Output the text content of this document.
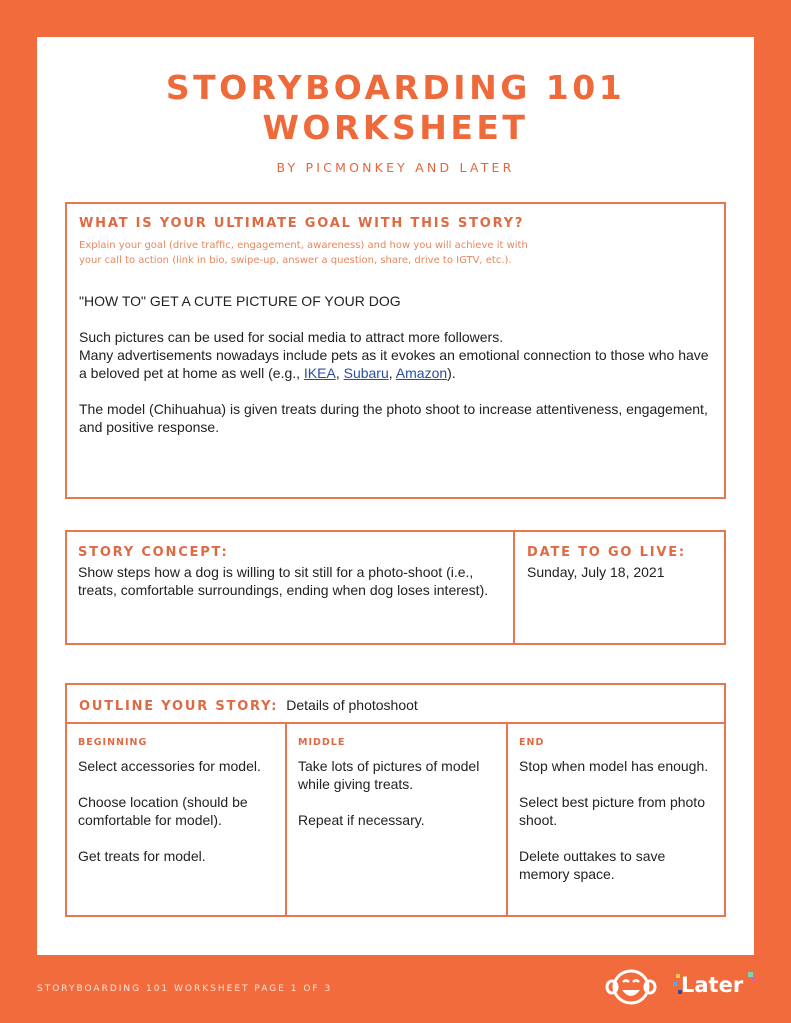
STORYBOARDING 101
WORKSHEET
BY PICMONKEY AND LATER
WHAT IS YOUR ULTIMATE GOAL WITH THIS STORY?
Explain your goal (drive traffic, engagement, awareness) and how you will achieve it with
your call to action (link in bio, swipe-up, answer a question, share, drive to IGTV, etc.).

"HOW TO" GET A CUTE PICTURE OF YOUR DOG

Such pictures can be used for social media to attract more followers.
Many advertisements nowadays include pets as it evokes an emotional connection to those who have a beloved pet at home as well (e.g., IKEA, Subaru, Amazon).

The model (Chihuahua) is given treats during the photo shoot to increase attentiveness, engagement, and positive response.

STORY CONCEPT:
Show steps how a dog is willing to sit still for a photo-shoot (i.e., treats, comfortable surroundings, ending when dog loses interest).
DATE TO GO LIVE:
Sunday, July 18, 2021
OUTLINE YOUR STORY: Details of photoshoot
BEGINNING

Select accessories for model.

Choose location (should be comfortable for model).

Get treats for model.

MIDDLE

Take lots of pictures of model while giving treats.

Repeat if necessary.

END

Stop when model has enough.

Select best picture from photo shoot.

Delete outtakes to save memory space.

STORYBOARDING 101 WORKSHEET PAGE 1 OF 3	Later
